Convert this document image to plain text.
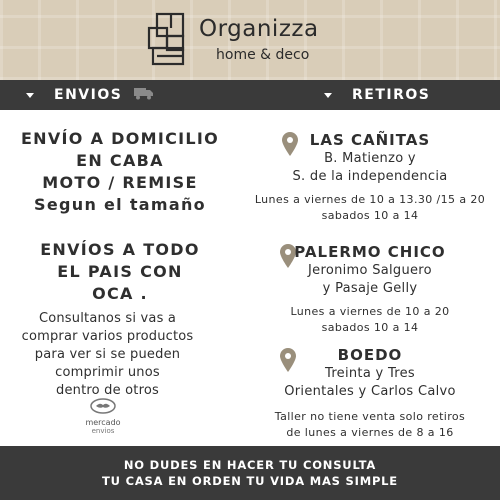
Organizza
home & deco
ENVIOS	RETIROS
ENVÍO A DOMICILIO
EN CABA
MOTO / REMISE
Segun el tamaño
ENVÍOS A TODO
EL PAIS CON
OCA .
Consultanos si vas a
comprar varios productos
para ver si se pueden
comprimir unos
dentro de otros
mercado
envios
LAS CAÑITAS
B. Matienzo y
S. de la independencia
Lunes a viernes de 10 a 13.30 /15 a 20
sabados 10 a 14
PALERMO CHICO
Jeronimo Salguero
y Pasaje Gelly
Lunes a viernes de 10 a 20
sabados 10 a 14
BOEDO
Treinta y Tres
Orientales y Carlos Calvo
Taller no tiene venta solo retiros
de lunes a viernes de 8 a 16
NO DUDES EN HACER TU CONSULTA
TU CASA EN ORDEN TU VIDA MAS SIMPLE
